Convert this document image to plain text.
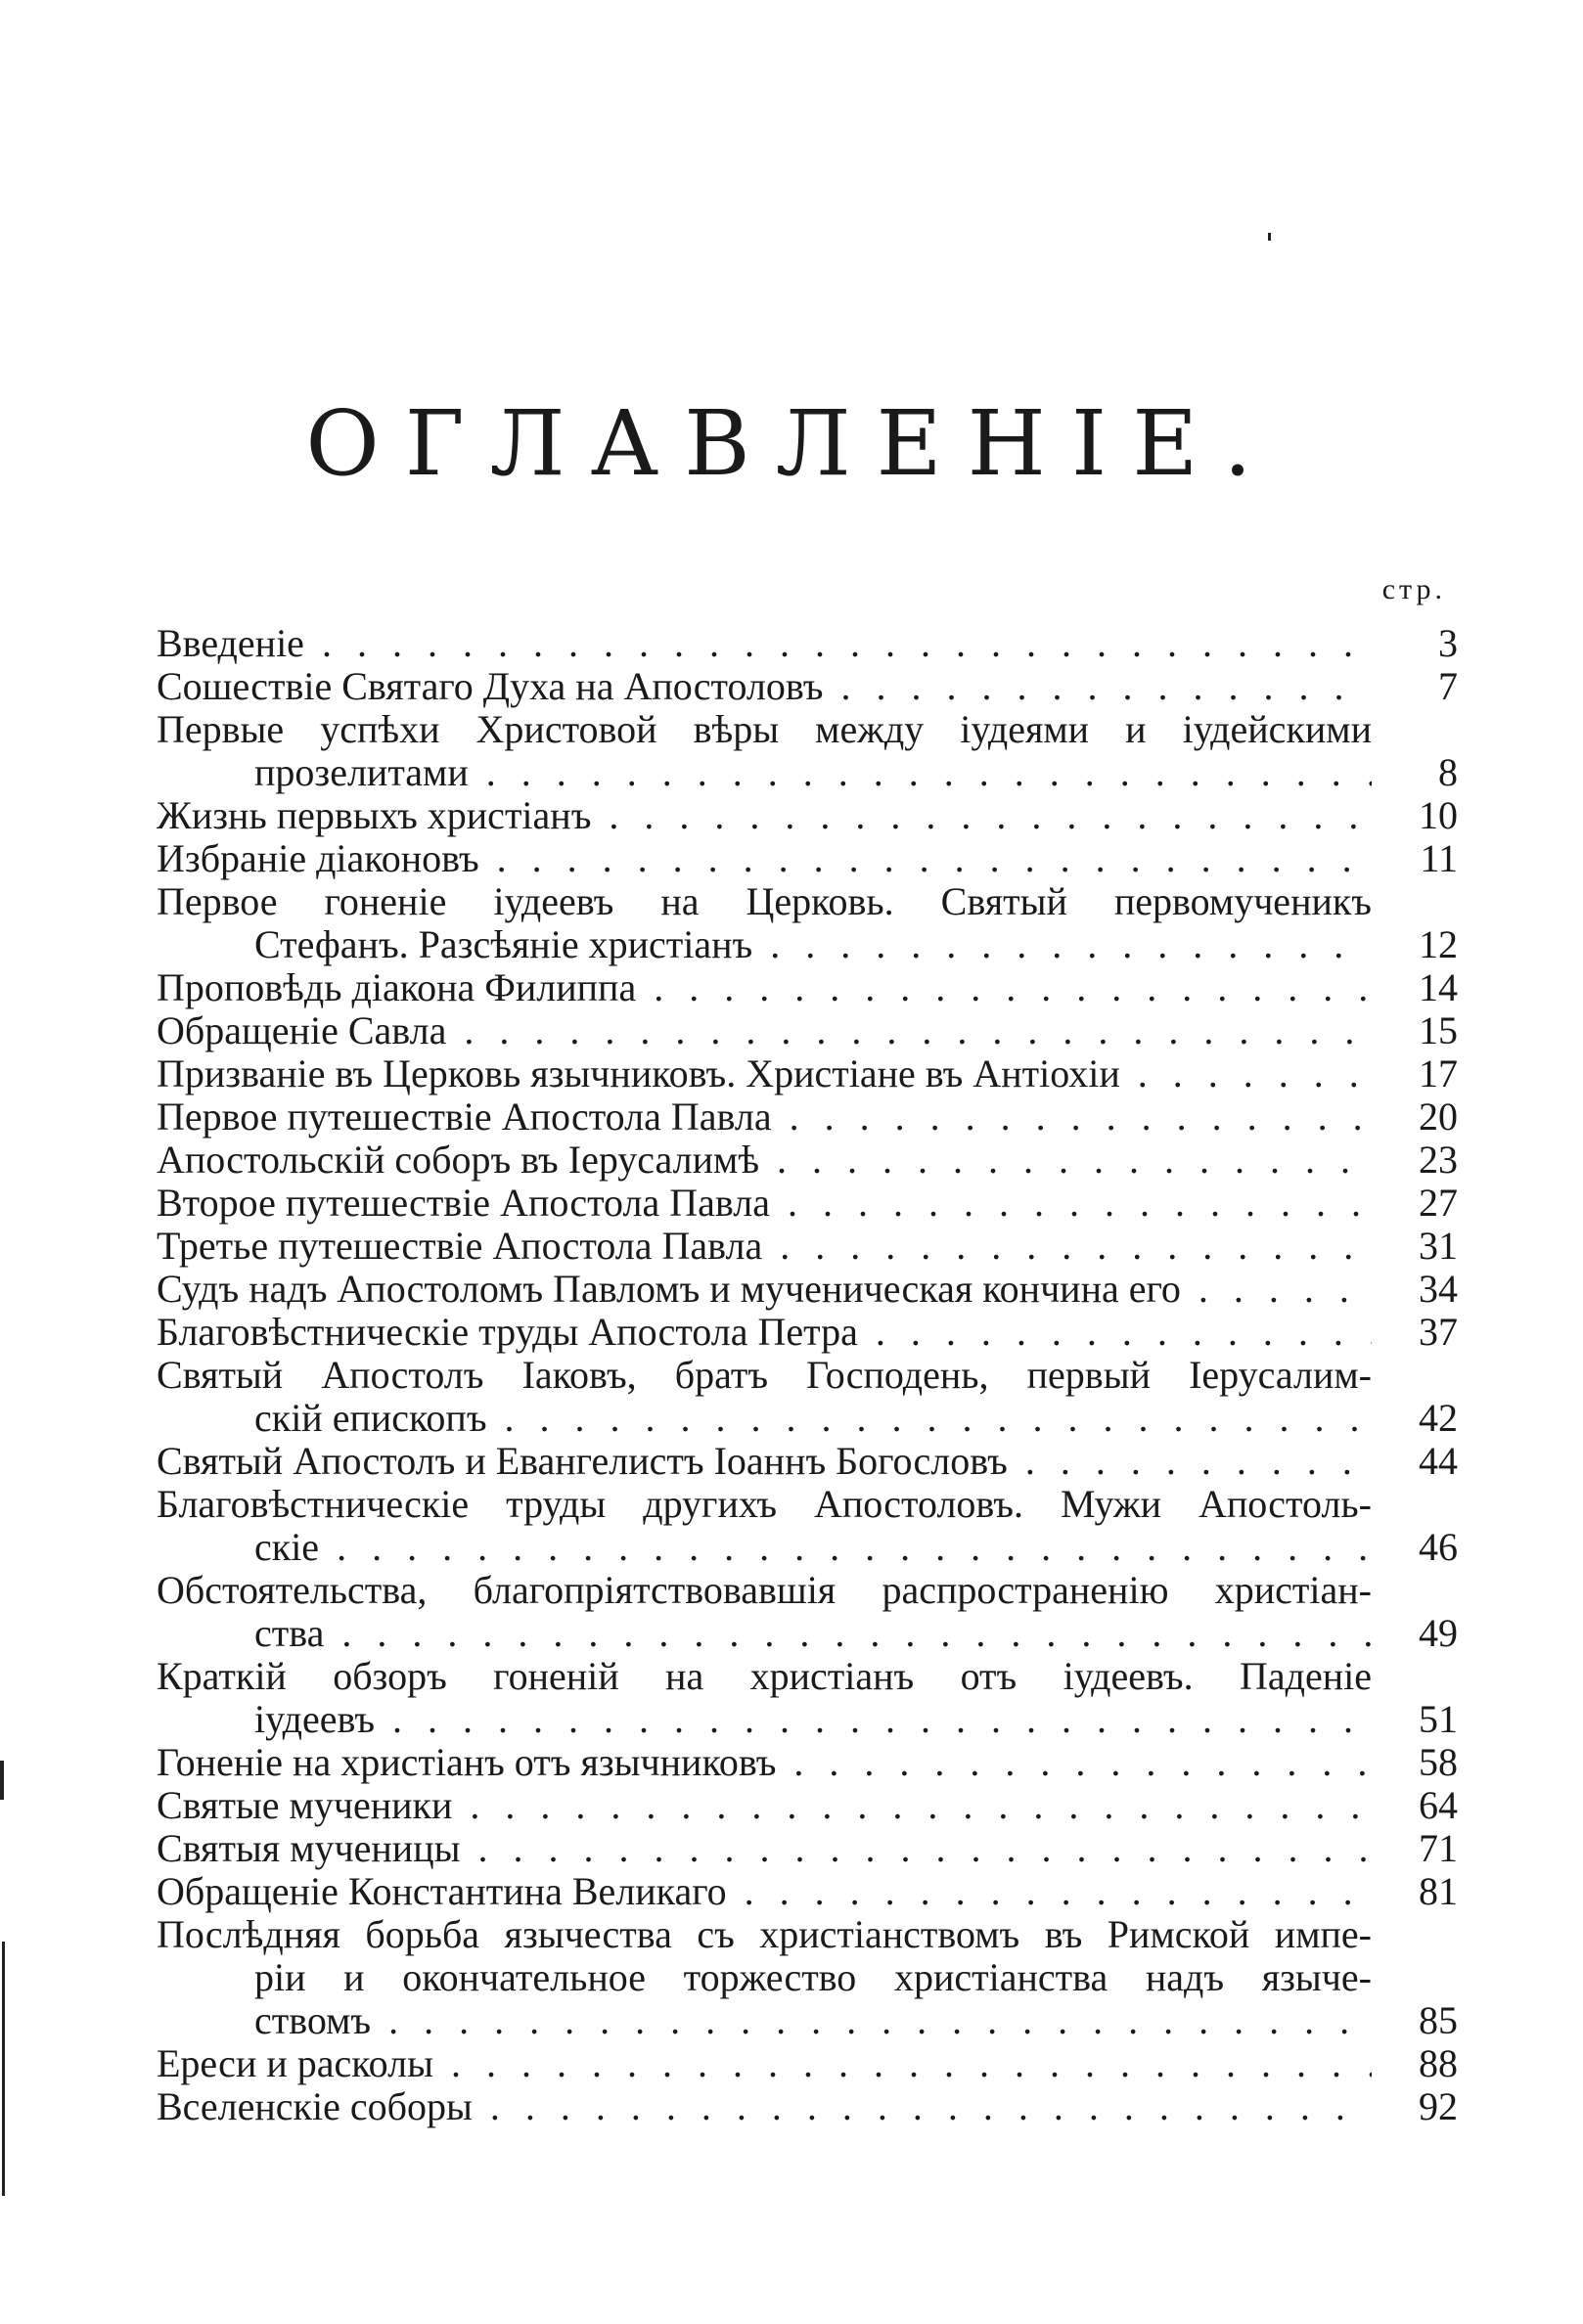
ОГЛАВЛЕНІЕ.
стр.
Введеніе . . .	3
Сошествіе Святаго Духа на Апостоловъ . . .	7
Первые успѣхи Христовой вѣры между іудеями и іудейскими
прозелитами . . .	8
Жизнь первыхъ христіанъ . . .	10
Избраніе діаконовъ . . .	11
Первое гоненіе іудеевъ на Церковь. Святый первомученикъ
Стефанъ. Разсѣяніе христіанъ . . .	12
Проповѣдь діакона Филиппа . . .	14
Обращеніе Савла . . .	15
Призваніе въ Церковь язычниковъ. Христіане въ Антіохіи . . .	17
Первое путешествіе Апостола Павла . . .	20
Апостольскій соборъ въ Іерусалимѣ . . .	23
Второе путешествіе Апостола Павла . . .	27
Третье путешествіе Апостола Павла . . .	31
Судъ надъ Апостоломъ Павломъ и мученическая кончина его . . .	34
Благовѣстническіе труды Апостола Петра . . .	37
Святый Апостолъ Іаковъ, братъ Господень, первый Іерусалим-
скій епископъ . . .	42
Святый Апостолъ и Евангелистъ Іоаннъ Богословъ . . .	44
Благовѣстническіе труды другихъ Апостоловъ. Мужи Апостоль-
скіе . . .	46
Обстоятельства, благопріятствовавшія распространенію христіан-
ства . . .	49
Краткій обзоръ гоненій на христіанъ отъ іудеевъ. Паденіе
іудеевъ . . .	51
Гоненіе на христіанъ отъ язычниковъ . . .	58
Святые мученики . . .	64
Святыя мученицы . . .	71
Обращеніе Константина Великаго . . .	81
Послѣдняя борьба язычества съ христіанствомъ въ Римской импе-
ріи и окончательное торжество христіанства надъ языче-
ствомъ . . .	85
Ереси и расколы . . .	88
Вселенскіе соборы . . .	92
